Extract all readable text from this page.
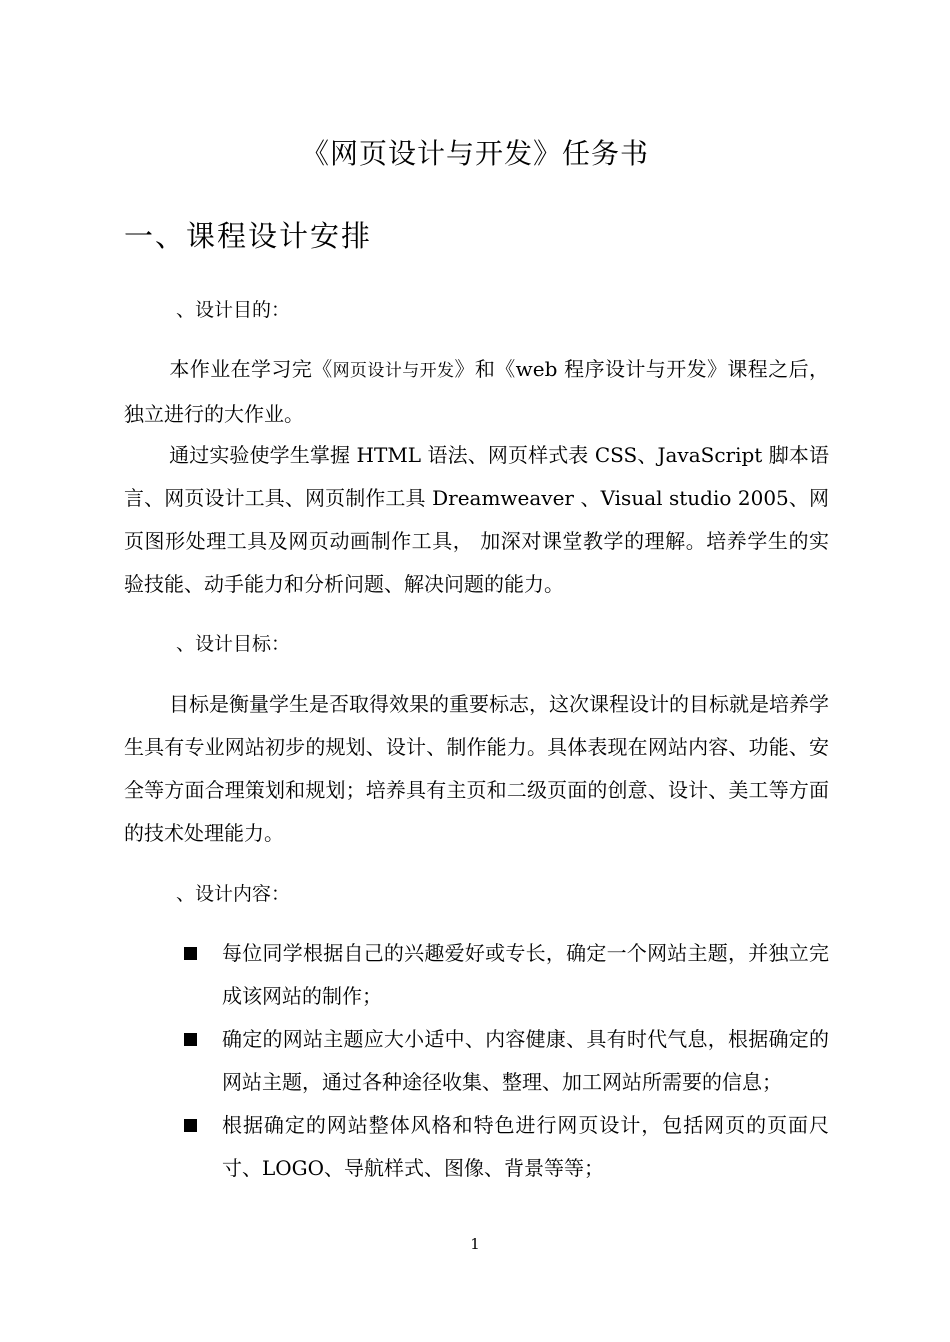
《网页设计与开发》任务书
一、课程设计安排
、设计目的：
本作业在学习完《网页设计与开发》和《web 程序设计与开发》课程之后，独立进行的大作业。
通过实验使学生掌握 HTML 语法、网页样式表 CSS、JavaScript 脚本语言、网页设计工具、网页制作工具 Dreamweaver 、Visual studio 2005、网页图形处理工具及网页动画制作工具， 加深对课堂教学的理解。培养学生的实验技能、动手能力和分析问题、解决问题的能力。
、设计目标：
目标是衡量学生是否取得效果的重要标志，这次课程设计的目标就是培养学生具有专业网站初步的规划、设计、制作能力。具体表现在网站内容、功能、安全等方面合理策划和规划；培养具有主页和二级页面的创意、设计、美工等方面的技术处理能力。
、设计内容：
每位同学根据自己的兴趣爱好或专长，确定一个网站主题，并独立完成该网站的制作；
确定的网站主题应大小适中、内容健康、具有时代气息，根据确定的网站主题，通过各种途径收集、整理、加工网站所需要的信息；
根据确定的网站整体风格和特色进行网页设计，包括网页的页面尺寸、LOGO、导航样式、图像、背景等等；
1
